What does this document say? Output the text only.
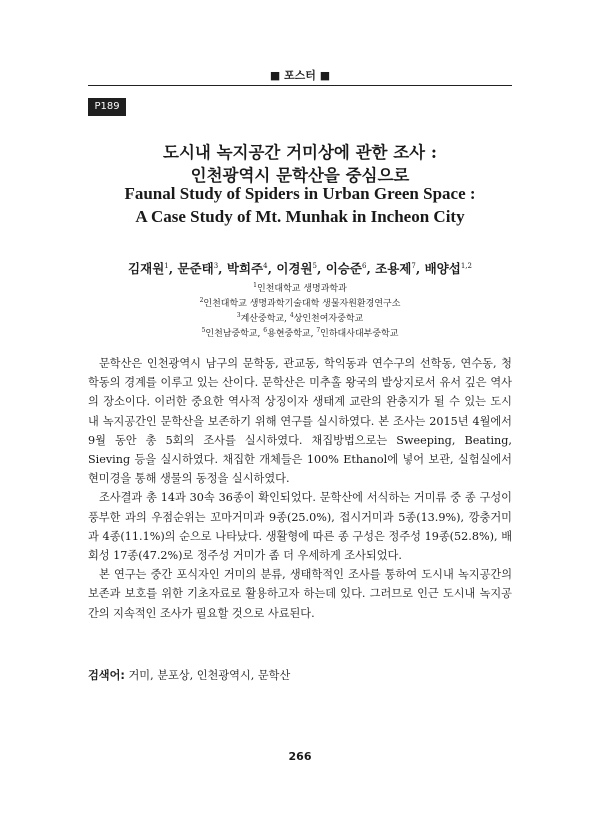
■ 포스터 ■
P189
도시내 녹지공간 거미상에 관한 조사 :
인천광역시 문학산을 중심으로
Faunal Study of Spiders in Urban Green Space :
A Case Study of Mt. Munhak in Incheon City
김재원$^1$, 문준태$^3$, 박희주$^4$, 이경원$^5$, 이승준$^6$, 조용제$^7$, 배양섭$^{1,2}$
$^1$인천대학교 생명과학과
$^2$인천대학교 생명과학기술대학 생물자원환경연구소
$^3$계산중학교, $^4$상인천여자중학교
$^5$인천남중학교, $^6$용현중학교, $^7$인하대사대부중학교

문학산은 인천광역시 남구의 문학동, 관교동, 학익동과 연수구의 선학동, 연수동, 청학동의 경계를 이루고 있는 산이다. 문학산은 미추홀 왕국의 발상지로서 유서 깊은 역사의 장소이다. 이러한 중요한 역사적 상징이자 생태계 교란의 완충지가 될 수 있는 도시내 녹지공간인 문학산을 보존하기 위해 연구를 실시하였다. 본 조사는 2015년 4월에서 9월 동안 총 5회의 조사를 실시하였다. 채집방법으로는 Sweeping, Beating, Sieving 등을 실시하였다. 채집한 개체들은 100% Ethanol에 넣어 보관, 실험실에서 현미경을 통해 생물의 동정을 실시하였다.

조사결과 총 14과 30속 36종이 확인되었다. 문학산에 서식하는 거미류 중 종 구성이 풍부한 과의 우점순위는 꼬마거미과 9종(25.0%), 접시거미과 5종(13.9%), 깡충거미과 4종(11.1%)의 순으로 나타났다. 생활형에 따른 종 구성은 정주성 19종(52.8%), 배회성 17종(47.2%)로 정주성 거미가 좀 더 우세하게 조사되었다.

본 연구는 중간 포식자인 거미의 분류, 생태학적인 조사를 통하여 도시내 녹지공간의 보존과 보호를 위한 기초자료로 활용하고자 하는데 있다. 그러므로 인근 도시내 녹지공간의 지속적인 조사가 필요할 것으로 사료된다.

검색어: 거미, 분포상, 인천광역시, 문학산
266
